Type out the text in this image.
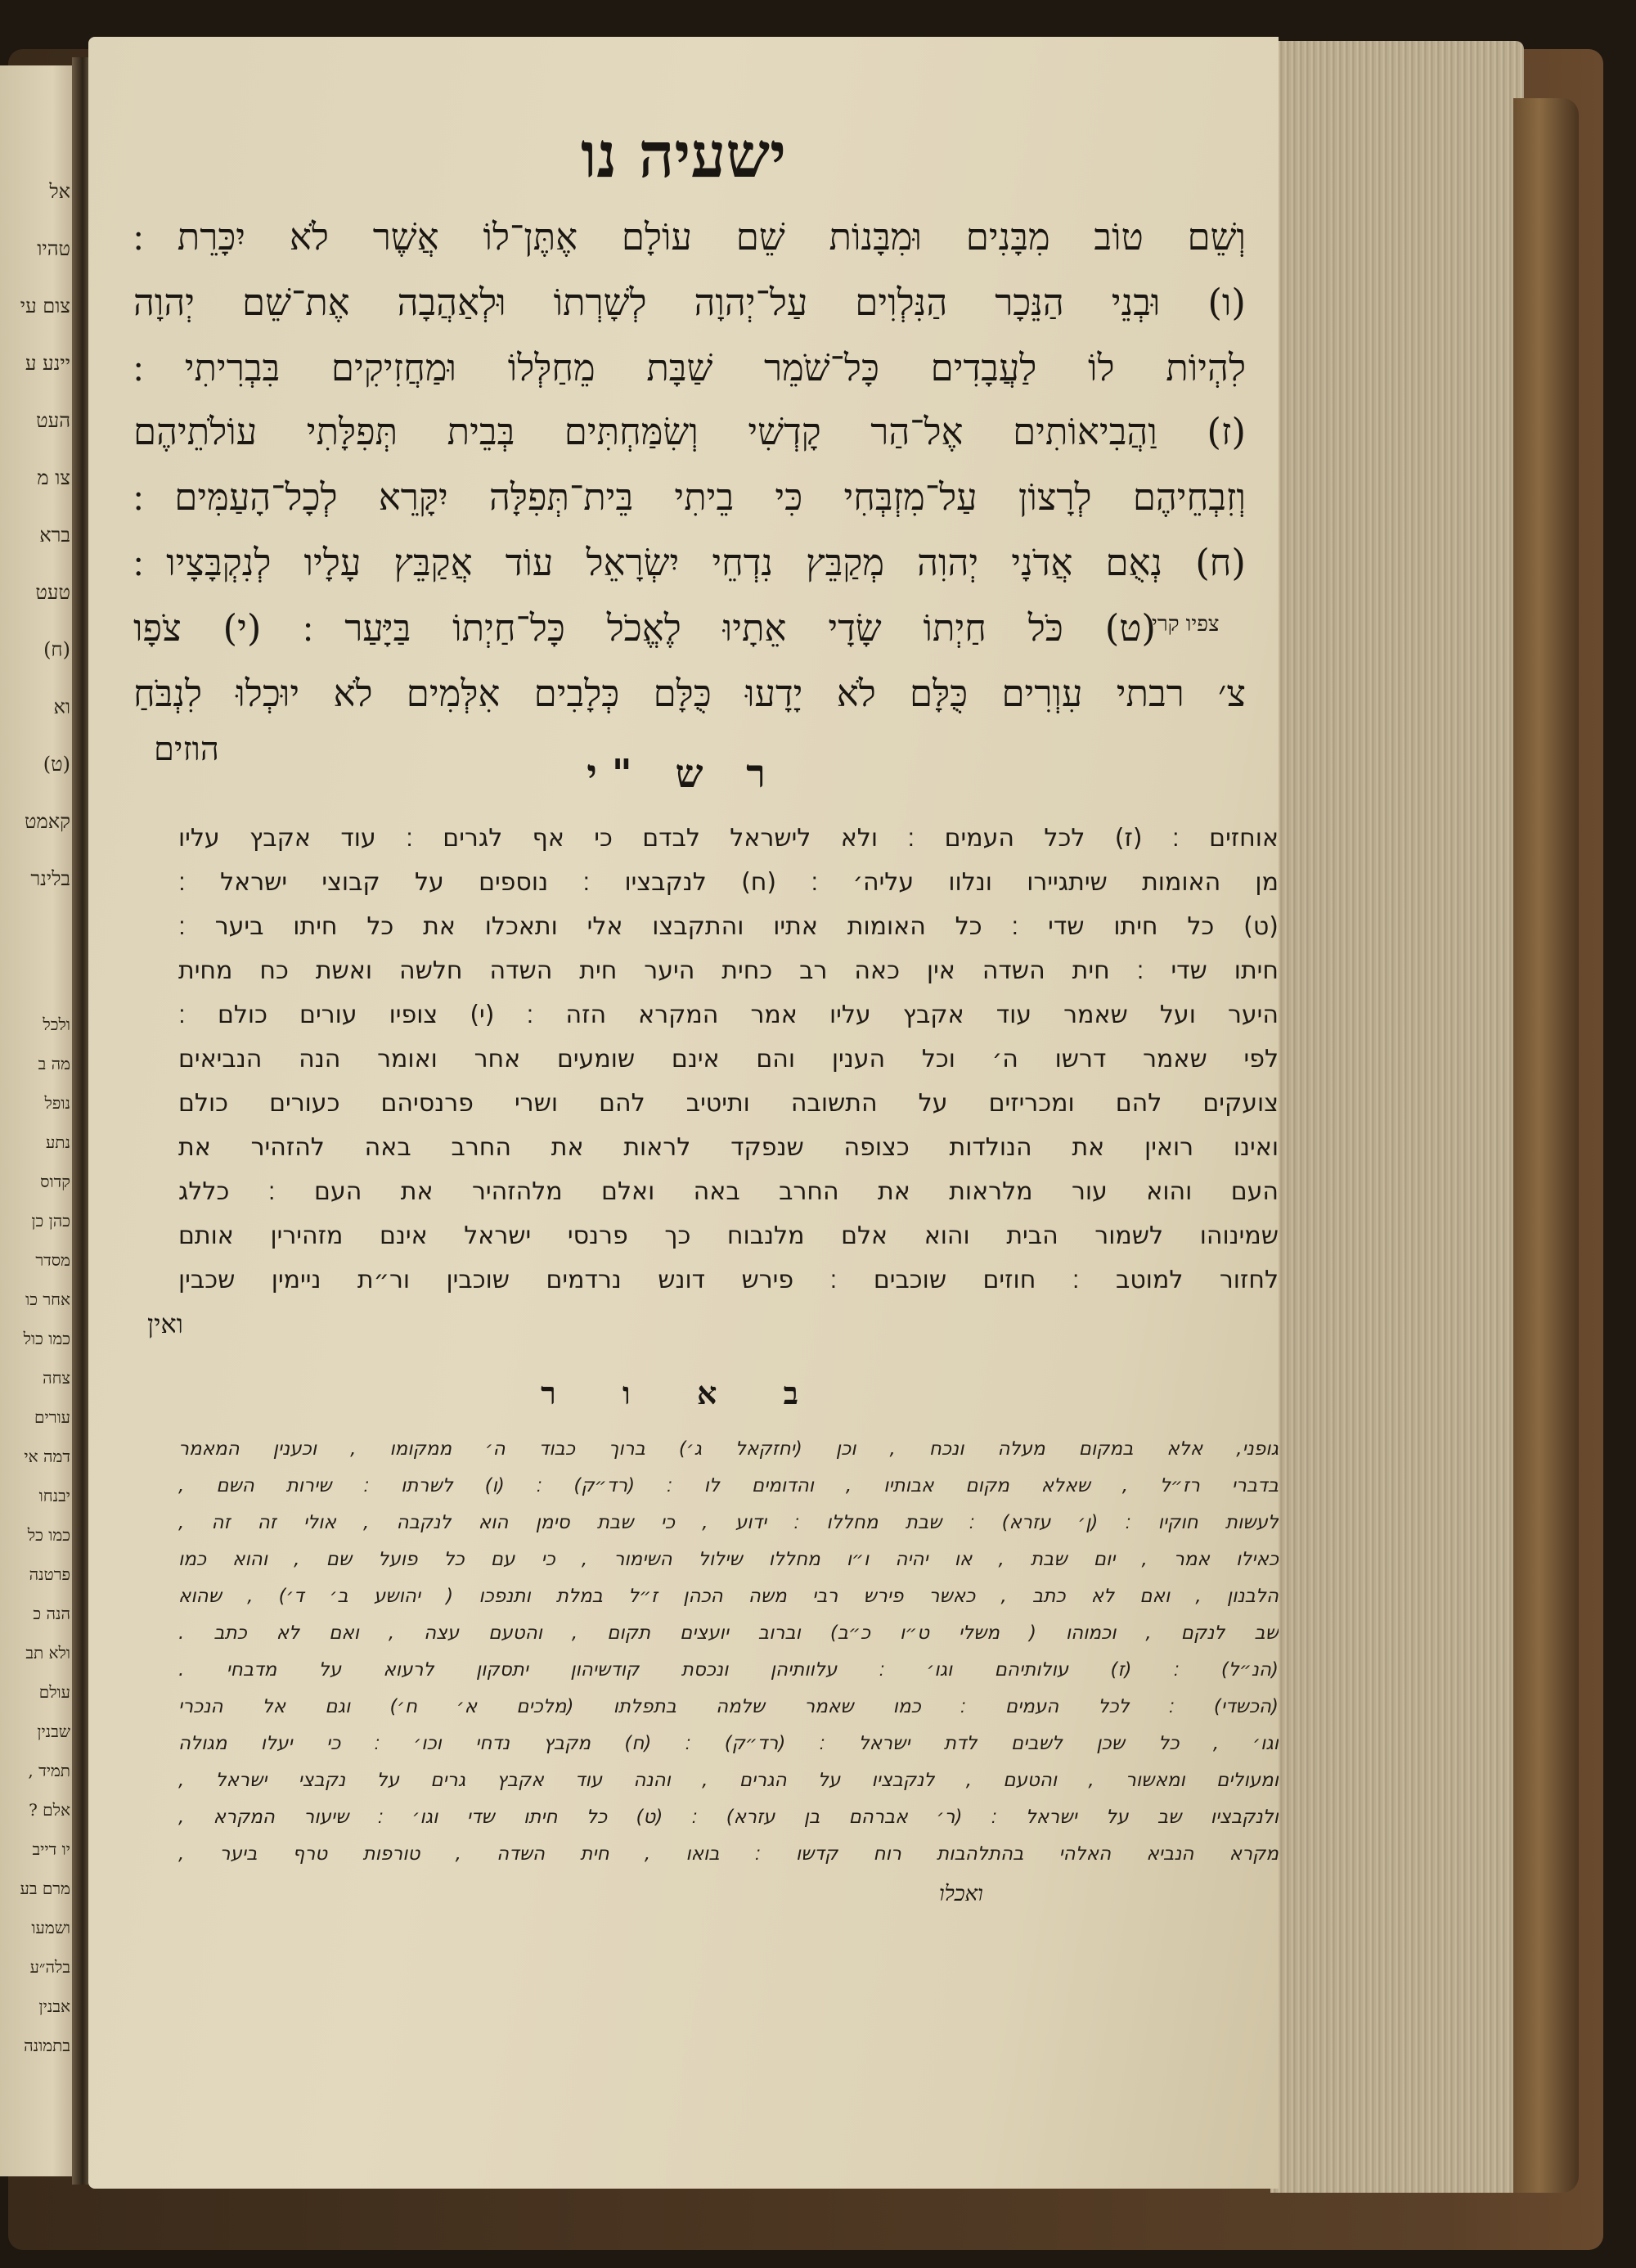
אל
טהיו
צום עי
יינע ע
העט
צו מ
ברא
טעט
(ח)
וא
(ט)
קאמט
בלינר
ולכל
מה ב
נופל
נתע
קדוס
כהן כן
מסדר
אחר כו
כמו כול
צחה
עורים
דמה אי
יבנחו
כמו כל
פרטנה
הנה כ
ולא תב
עולם
שבנין
תמיד ,
אלם ?
יו דייב
מרם בע
ושמעו
בלה״ע
אבנין
בתמונה
ישעיה נו
וְשֵׁם טוֹב מִבָּנִים וּמִבָּנוֹת שֵׁם עוֹלָם אֶתֶּן־לוֹ אֲשֶׁר לֹא יִכָּרֵת ׃
(ו) וּבְנֵי הַנֵּכָר הַנִּלְוִים עַל־יְהוָה לְשָׁרְתוֹ וּלְאַהֲבָה אֶת־שֵׁם יְהוָה
לִהְיוֹת לוֹ לַעֲבָדִים כָּל־שֹׁמֵר שַׁבָּת מֵחַלְּלוֹ וּמַחֲזִיקִים בִּבְרִיתִי ׃
(ז) וַהֲבִיאוֹתִים אֶל־הַר קָדְשִׁי וְשִׂמַּחְתִּים בְּבֵית תְּפִלָּתִי עוֹלֹתֵיהֶם
וְזִבְחֵיהֶם לְרָצוֹן עַל־מִזְבְּחִי כִּי בֵיתִי בֵּית־תְּפִלָּה יִקָּרֵא לְכָל־הָעַמִּים ׃
(ח) נְאֻם אֲדֹנָי יְהוִה מְקַבֵּץ נִדְחֵי יִשְׂרָאֵל עוֹד אֲקַבֵּץ עָלָיו לְנִקְבָּצָיו ׃
(ט) כֹּל חַיְתוֹ שָׂדָי אֵתָיוּ לֶאֱכֹל כָּל־חַיְתוֹ בַּיָּעַר ׃ (י) צֹפָו
צפיו קרי
צ׳ רבתי עִוְרִים כֻּלָּם לֹא יָדָעוּ כֻּלָּם כְּלָבִים אִלְּמִים לֹא יוּכְלוּ לִנְבֹּחַ
הוזים
ר ש "י
אוחזים ׃ (ז) לכל העמים ׃ ולא לישראל לבדם כי אף לגרים ׃ עוד אקבץ עליו
מן האומות שיתגיירו ונלוו עליה׳ ׃ (ח) לנקבציו ׃ נוספים על קבוצי ישראל ׃
(ט) כל חיתו שדי ׃ כל האומות אתיו והתקבצו אלי ותאכלו את כל חיתו ביער ׃
חיתו שדי ׃ חית השדה אין כאה רב כחית היער חית השדה חלשה ואשת כח מחית
היער ועל שאמר עוד אקבץ עליו אמר המקרא הזה ׃ (י) צופיו עורים כולם ׃
לפי שאמר דרשו ה׳ וכל הענין והם אינם שומעים אחר ואומר הנה הנביאים
צועקים להם ומכריזים על התשובה ותיטיב להם ושרי פרנסיהם כעורים כולם
ואינו רואין את הנולדות כצופה שנפקד לראות את החרב באה להזהיר את
העם והוא עור מלראות את החרב באה ואלם מלהזהיר את העם ׃ כללג
שמינוהו לשמור הבית והוא אלם מלנבוח כך פרנסי ישראל אינם מזהירין אותם
לחזור למוטב ׃ חוזים שוכבים ׃ פירש דונש נרדמים שוכבין ור״ת ניימין שכבין
ואין
ב א ו ר
גופני, אלא במקום מעלה ונכח , וכן (יחזקאל ג׳) ברוך כבוד ה׳ ממקומו , וכענין המאמר
בדברי רז״ל , שאלא מקום אבותיו , והדומים לו ׃ (רד״ק) ׃ (ו) לשרתו ׃ שירות השם ,
לעשות חוקיו ׃ (ן׳ עזרא) ׃ שבת מחללו ׃ ידוע , כי שבת סימן הוא לנקבה , אולי זה זה ,
כאילו אמר , יום שבת , או יהיה ו״ו מחללו שילול השימור , כי עם כל פועל שם , והוא כמו
הלבנון , ואם לא כתב , כאשר פירש רבי משה הכהן ז״ל במלת ותנפכו ( יהושע ב׳ ד׳) , שהוא
שב לנקם , וכמוהו ( משלי ט״ו כ״ב) וברוב יועצים תקום , והטעם עצה , ואם לא כתב .
(הנ״ל) ׃ (ז) עולותיהם וגו׳ ׃ עלוותיהן ונכסת קודשיהון יתסקון לרעוא על מדבחי .
(הכשדי) ׃ לכל העמים ׃ כמו שאמר שלמה בתפלתו (מלכים א׳ ח׳) וגם אל הנכרי
וגו׳ , כל שכן לשבים לדת ישראל ׃ (רד״ק) ׃ (ח) מקבץ נדחי וכו׳ ׃ כי יעלו מגולה
ומעולים ומאשור , והטעם , לנקבציו על הגרים , והנה עוד אקבץ גרים על נקבצי ישראל ,
ולנקבציו שב על ישראל ׃ (ר׳ אברהם בן עזרא) ׃ (ט) כל חיתו שדי וגו׳ ׃ שיעור המקרא ,
מקרא הנביא האלהי בהתלהבות רוח קדשו ׃ בואו , חית השדה , טורפות טרף ביער ,
ואכלו
